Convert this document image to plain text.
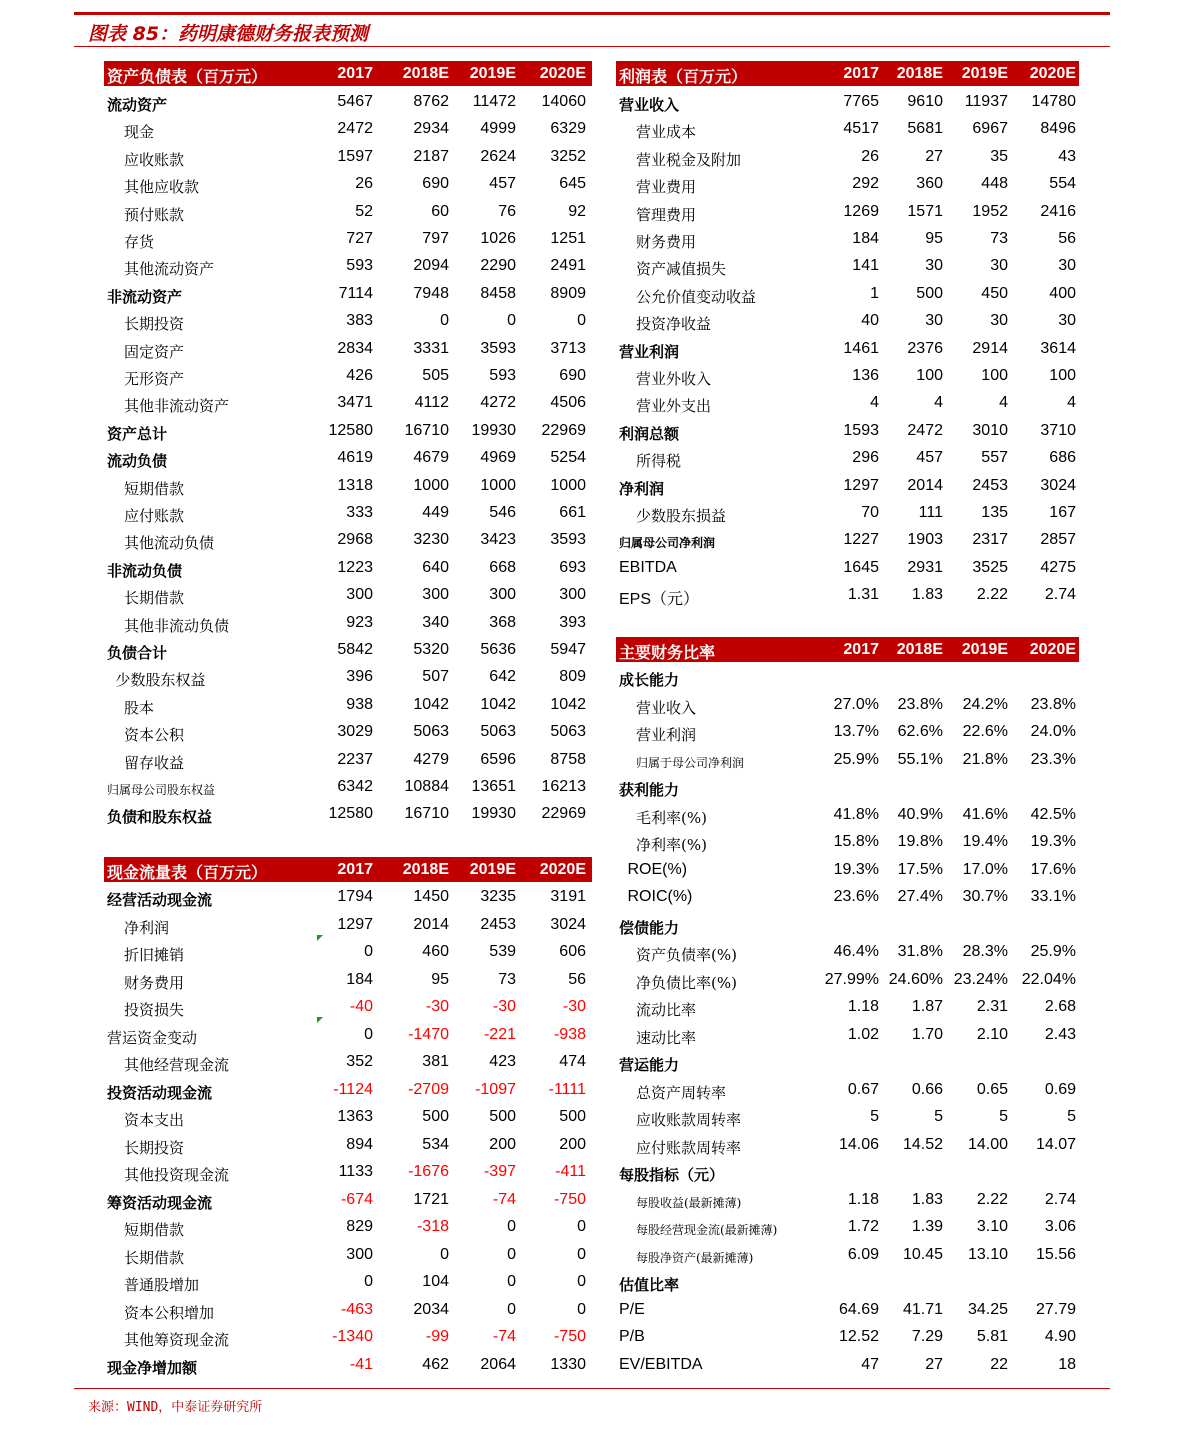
图表 85：药明康德财务报表预测
资产负债表（百万元）	2017	2018E	2019E	2020E
流动资产	5467	8762	11472	14060
现金	2472	2934	4999	6329
应收账款	1597	2187	2624	3252
其他应收款	26	690	457	645
预付账款	52	60	76	92
存货	727	797	1026	1251
其他流动资产	593	2094	2290	2491
非流动资产	7114	7948	8458	8909
长期投资	383	0	0	0
固定资产	2834	3331	3593	3713
无形资产	426	505	593	690
其他非流动资产	3471	4112	4272	4506
资产总计	12580	16710	19930	22969
流动负债	4619	4679	4969	5254
短期借款	1318	1000	1000	1000
应付账款	333	449	546	661
其他流动负债	2968	3230	3423	3593
非流动负债	1223	640	668	693
长期借款	300	300	300	300
其他非流动负债	923	340	368	393
负债合计	5842	5320	5636	5947
少数股东权益	396	507	642	809
股本	938	1042	1042	1042
资本公积	3029	5063	5063	5063
留存收益	2237	4279	6596	8758
归属母公司股东权益	6342	10884	13651	16213
负债和股东权益	12580	16710	19930	22969
现金流量表（百万元）	2017	2018E	2019E	2020E
经营活动现金流	1794	1450	3235	3191
净利润	1297	2014	2453	3024
折旧摊销	0	460	539	606
财务费用	184	95	73	56
投资损失	-40	-30	-30	-30
营运资金变动	0	-1470	-221	-938
其他经营现金流	352	381	423	474
投资活动现金流	-1124	-2709	-1097	-1111
资本支出	1363	500	500	500
长期投资	894	534	200	200
其他投资现金流	1133	-1676	-397	-411
筹资活动现金流	-674	1721	-74	-750
短期借款	829	-318	0	0
长期借款	300	0	0	0
普通股增加	0	104	0	0
资本公积增加	-463	2034	0	0
其他筹资现金流	-1340	-99	-74	-750
现金净增加额	-41	462	2064	1330
利润表（百万元）	2017	2018E	2019E	2020E
营业收入	7765	9610	11937	14780
营业成本	4517	5681	6967	8496
营业税金及附加	26	27	35	43
营业费用	292	360	448	554
管理费用	1269	1571	1952	2416
财务费用	184	95	73	56
资产减值损失	141	30	30	30
公允价值变动收益	1	500	450	400
投资净收益	40	30	30	30
营业利润	1461	2376	2914	3614
营业外收入	136	100	100	100
营业外支出	4	4	4	4
利润总额	1593	2472	3010	3710
所得税	296	457	557	686
净利润	1297	2014	2453	3024
少数股东损益	70	111	135	167
归属母公司净利润	1227	1903	2317	2857
EBITDA	1645	2931	3525	4275
EPS（元）	1.31	1.83	2.22	2.74
主要财务比率	2017	2018E	2019E	2020E
成长能力
营业收入	27.0%	23.8%	24.2%	23.8%
营业利润	13.7%	62.6%	22.6%	24.0%
归属于母公司净利润	25.9%	55.1%	21.8%	23.3%
获利能力
毛利率(%)	41.8%	40.9%	41.6%	42.5%
净利率(%)	15.8%	19.8%	19.4%	19.3%
ROE(%)	19.3%	17.5%	17.0%	17.6%
ROIC(%)	23.6%	27.4%	30.7%	33.1%
偿债能力
资产负债率(%)	46.4%	31.8%	28.3%	25.9%
净负债比率(%)	27.99% 24.60% 23.24% 22.04%
流动比率	1.18	1.87	2.31	2.68
速动比率	1.02	1.70	2.10	2.43
营运能力
总资产周转率	0.67	0.66	0.65	0.69
应收账款周转率	5	5	5	5
应付账款周转率	14.06	14.52	14.00	14.07
每股指标（元）
每股收益(最新摊薄)	1.18	1.83	2.22	2.74
每股经营现金流(最新摊薄)	1.72	1.39	3.10	3.06
每股净资产(最新摊薄)	6.09	10.45	13.10	15.56
估值比率
P/E	64.69	41.71	34.25	27.79
P/B	12.52	7.29	5.81	4.90
EV/EBITDA	47	27	22	18
来源：WIND，中泰证券研究所
